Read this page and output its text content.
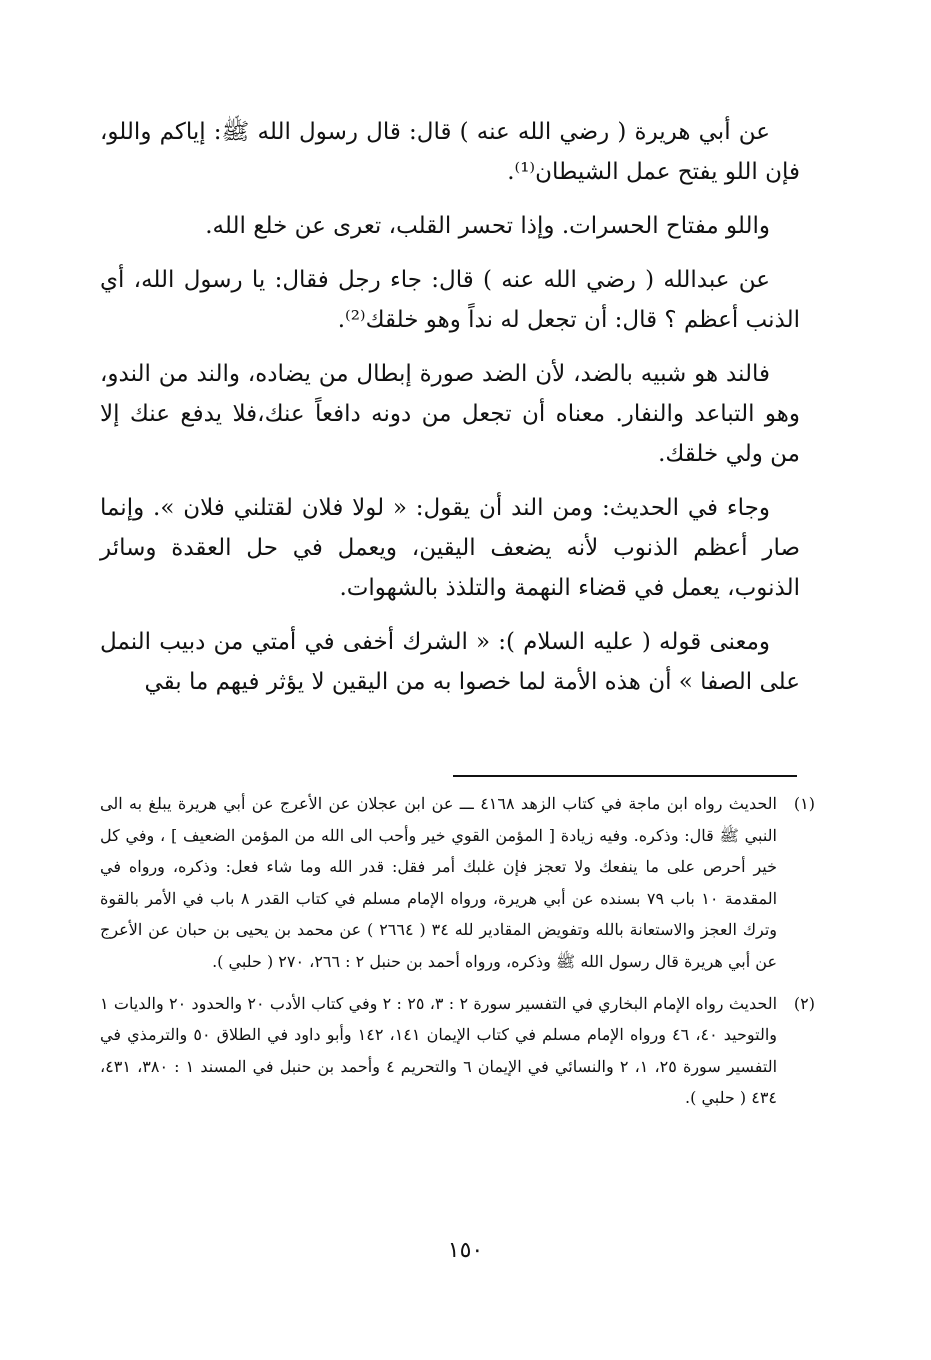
عن أبي هريرة ( رضي الله عنه ) قال: قال رسول الله ﷺ: إياكم واللو، فإن اللو يفتح عمل الشيطان⁽¹⁾.

واللو مفتاح الحسرات. وإذا تحسر القلب، تعرى عن خلع الله.

عن عبدالله ( رضي الله عنه ) قال: جاء رجل فقال: يا رسول الله، أي الذنب أعظم ؟ قال: أن تجعل له نداً وهو خلقك⁽²⁾.

فالند هو شبيه بالضد، لأن الضد صورة إبطال من يضاده، والند من الندو، وهو التباعد والنفار. معناه أن تجعل من دونه دافعاً عنك،فلا يدفع عنك إلا من ولي خلقك.

وجاء في الحديث: ومن الند أن يقول: « لولا فلان لقتلني فلان ». وإنما صار أعظم الذنوب لأنه يضعف اليقين، ويعمل في حل العقدة وسائر الذنوب، يعمل في قضاء النهمة والتلذذ بالشهوات.

ومعنى قوله ( عليه السلام ): « الشرك أخفى في أمتي من دبيب النمل على الصفا » أن هذه الأمة لما خصوا به من اليقين لا يؤثر فيهم ما بقي

(١)
الحديث رواه ابن ماجة في كتاب الزهد ٤١٦٨ ـــ عن ابن عجلان عن الأعرج عن أبي هريرة يبلغ به الى النبي ﷺ قال: وذكره. وفيه زيادة [ المؤمن القوي خير وأحب الى الله من المؤمن الضعيف ] ، وفي كل خير أحرص على ما ينفعك ولا تعجز فإن غلبك أمر فقل: قدر الله وما شاء فعل: وذكره، ورواه في المقدمة ١٠ باب ٧٩ بسنده عن أبي هريرة، ورواه الإمام مسلم في كتاب القدر ٨ باب في الأمر بالقوة وترك العجز والاستعانة بالله وتفويض المقادير لله ٣٤ ( ٢٦٦٤ ) عن محمد بن يحيى بن حبان عن الأعرج عن أبي هريرة قال رسول الله ﷺ وذكره، ورواه أحمد بن حنبل ٢ : ٢٦٦، ٢٧٠ ( حلبي ).
(٢)
الحديث رواه الإمام البخاري في التفسير سورة ٢ : ٣، ٢٥ : ٢ وفي كتاب الأدب ٢٠ والحدود ٢٠ والديات ١ والتوحيد ٤٠، ٤٦ ورواه الإمام مسلم في كتاب الإيمان ١٤١، ١٤٢ وأبو داود في الطلاق ٥٠ والترمذي في التفسير سورة ٢٥، ١، ٢ والنسائي في الإيمان ٦ والتحريم ٤ وأحمد بن حنبل في المسند ١ : ٣٨٠، ٤٣١، ٤٣٤ ( حلبي ).
١٥٠
